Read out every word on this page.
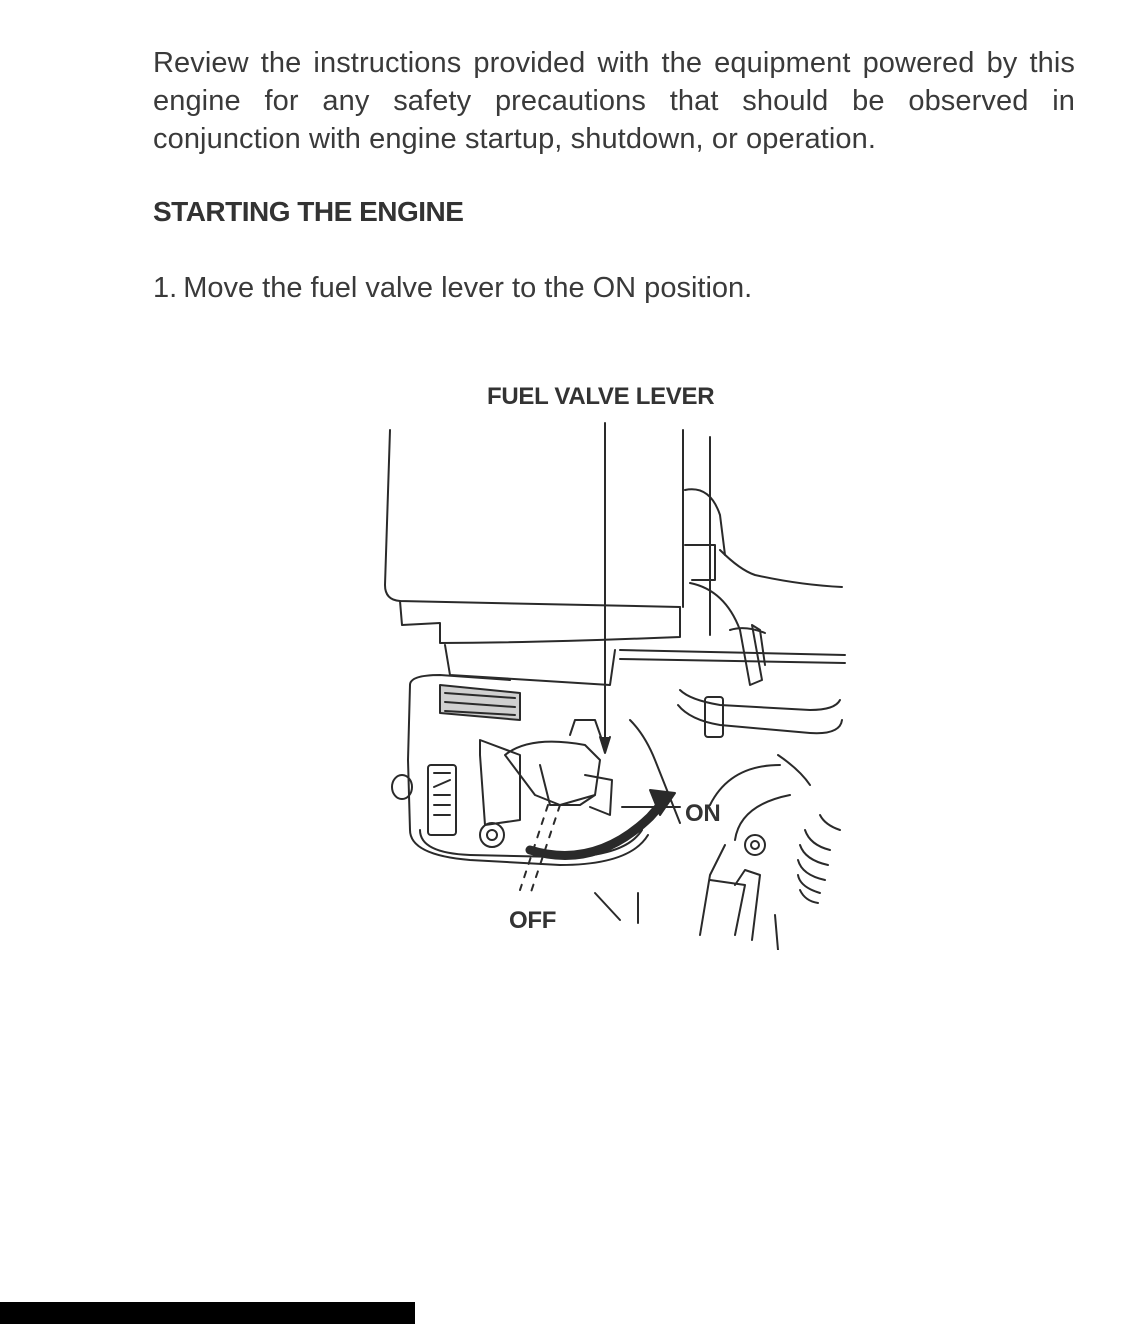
Review the instructions provided with the equipment powered by this engine for any safety precautions that should be observed in conjunction with engine startup, shutdown, or operation.

STARTING THE ENGINE

1. Move the fuel valve lever to the ON position.

FUEL VALVE LEVER
ON
OFF
